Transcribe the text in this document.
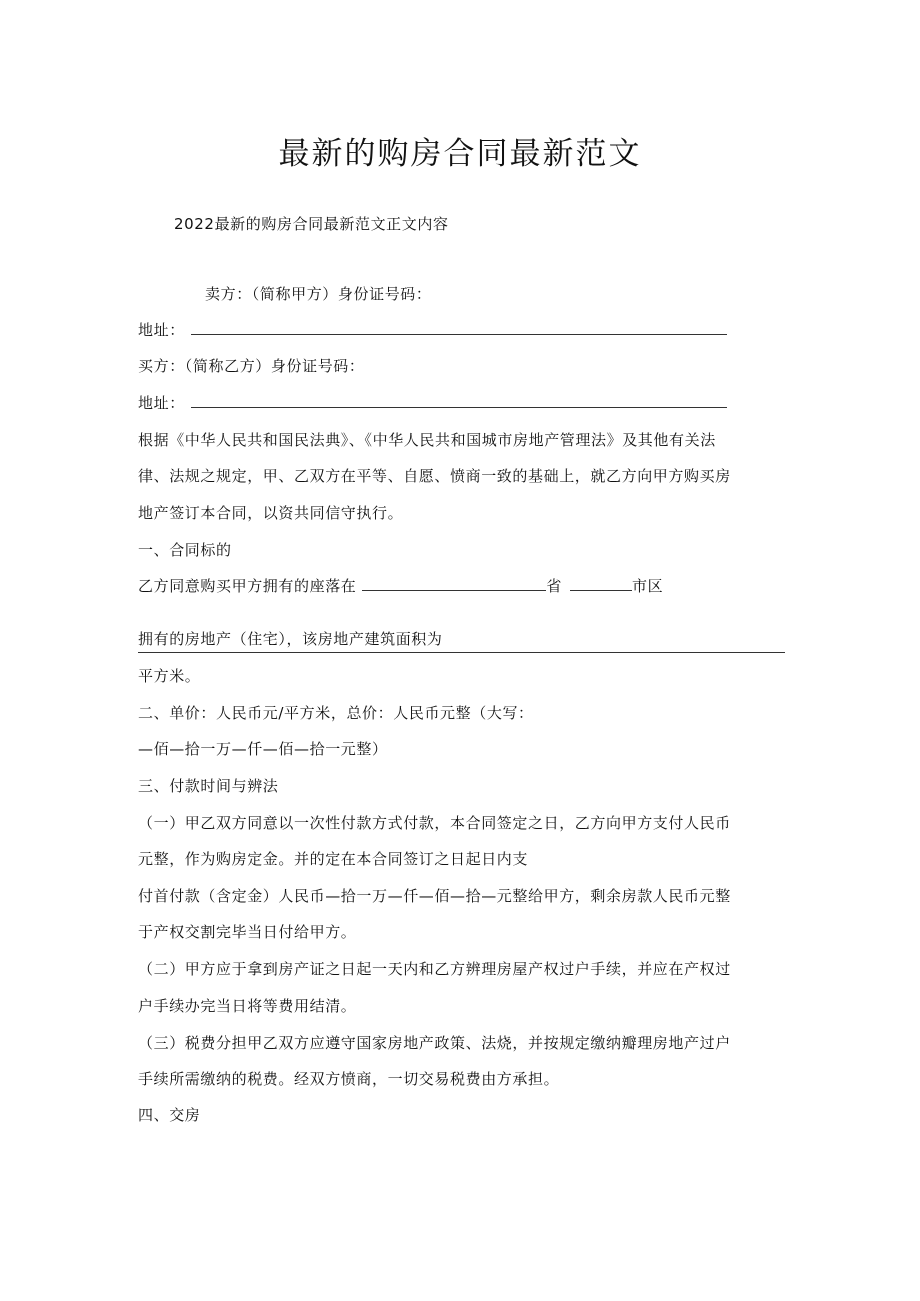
最新的购房合同最新范文
2022最新的购房合同最新范文正文内容
卖方：（简称甲方）身份证号码：
地址：
买方：（简称乙方）身份证号码：
地址：
根据《中华人民共和国民法典》、《中华人民共和国城市房地产管理法》及其他有关法
律、法规之规定，甲、乙双方在平等、自愿、愤商一致的基础上，就乙方向甲方购买房
地产签订本合同，以资共同信守执行。
一、合同标的
乙方同意购买甲方拥有的座落在	省	市区
拥有的房地产（住宅），该房地产建筑面积为
平方米。
二、单价：人民币元/平方米，总价：人民币元整（大写：
—佰—拾一万—仟—佰—拾一元整）
三、付款时间与辨法
（一）甲乙双方同意以一次性付款方式付款，本合同签定之日，乙方向甲方支付人民币
元整，作为购房定金。并的定在本合同签订之日起日内支
付首付款（含定金）人民币—拾一万—仟—佰—拾—元整给甲方，剩余房款人民币元整
于产权交割完毕当日付给甲方。
（二）甲方应于拿到房产证之日起一天内和乙方辨理房屋产权过户手续，并应在产权过
户手续办完当日将等费用结清。
（三）税费分担甲乙双方应遵守国家房地产政策、法烧，并按规定缴纳瓣理房地产过户
手续所需缴纳的税费。经双方愤商，一切交易税费由方承担。
四、交房
